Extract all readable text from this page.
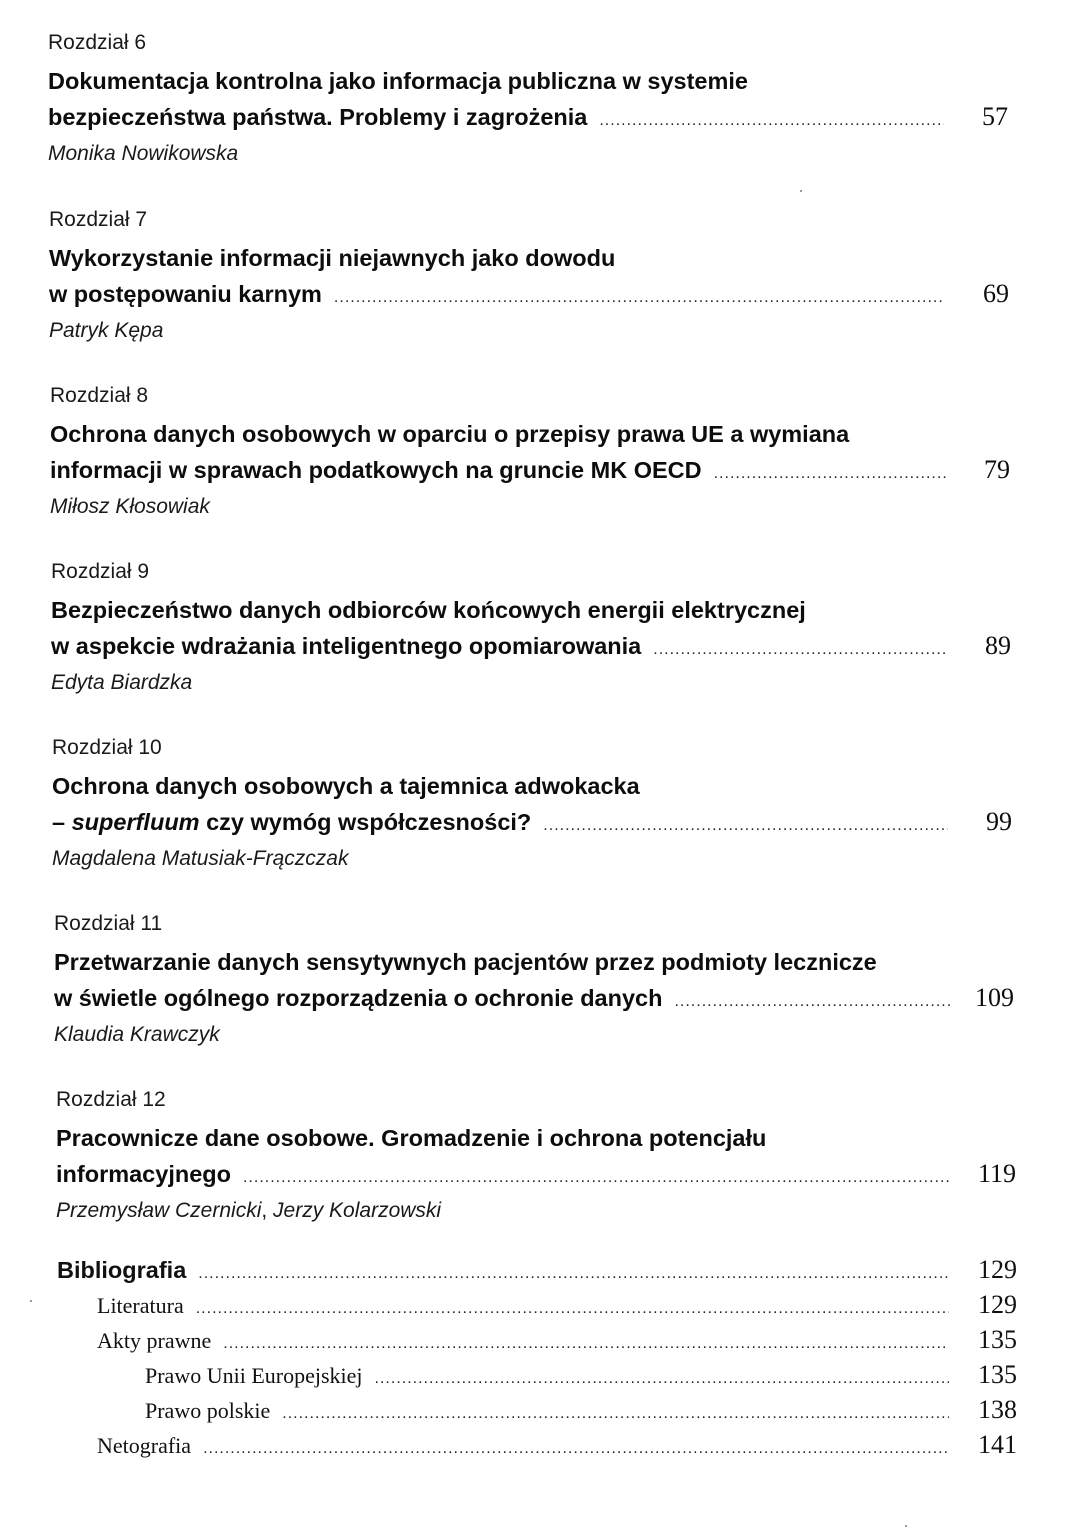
Rozdział 6

Dokumentacja kontrolna jako informacja publiczna w systemie

bezpieczeństwa państwa. Problemy i zagrożenia .....	57

Monika Nowikowska

Rozdział 7

Wykorzystanie informacji niejawnych jako dowodu

w postępowaniu karnym .....	69

Patryk Kępa

Rozdział 8

Ochrona danych osobowych w oparciu o przepisy prawa UE a wymiana

informacji w sprawach podatkowych na gruncie MK OECD .....	79

Miłosz Kłosowiak

Rozdział 9

Bezpieczeństwo danych odbiorców końcowych energii elektrycznej

w aspekcie wdrażania inteligentnego opomiarowania .....	89

Edyta Biardzka

Rozdział 10

Ochrona danych osobowych a tajemnica adwokacka

– superfluum czy wymóg współczesności? .....	99

Magdalena Matusiak-Frączczak

Rozdział 11

Przetwarzanie danych sensytywnych pacjentów przez podmioty lecznicze

w świetle ogólnego rozporządzenia o ochronie danych .....	109

Klaudia Krawczyk

Rozdział 12

Pracownicze dane osobowe. Gromadzenie i ochrona potencjału

informacyjnego .....	119

Przemysław Czernicki, Jerzy Kolarzowski

Bibliografia .....	129
Literatura .....	129
Akty prawne .....	135
Prawo Unii Europejskiej .....	135
Prawo polskie .....	138
Netografia .....	141
